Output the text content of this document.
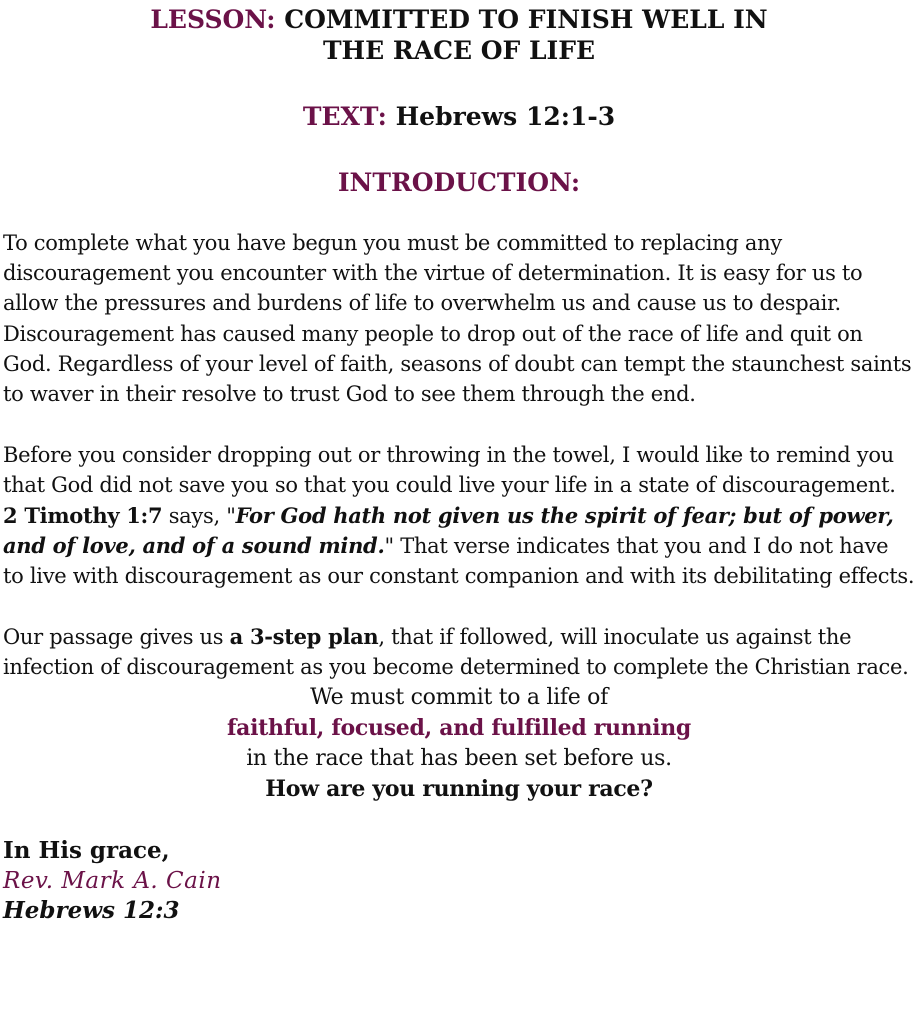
LESSON: COMMITTED TO FINISH WELL IN
THE RACE OF LIFE
TEXT: Hebrews 12:1-3
INTRODUCTION:

To complete what you have begun you must be committed to replacing any discouragement you encounter with the virtue of determination. It is easy for us to allow the pressures and burdens of life to overwhelm us and cause us to despair. Discouragement has caused many people to drop out of the race of life and quit on God. Regardless of your level of faith, seasons of doubt can tempt the staunchest saints to waver in their resolve to trust God to see them through the end.

Before you consider dropping out or throwing in the towel, I would like to remind you that God did not save you so that you could live your life in a state of discouragement. 2 Timothy 1:7 says, "For God hath not given us the spirit of fear; but of power, and of love, and of a sound mind." That verse indicates that you and I do not have to live with discouragement as our constant companion and with its debilitating effects.

Our passage gives us a 3-step plan, that if followed, will inoculate us against the infection of discouragement as you become determined to complete the Christian race.

We must commit to a life of

faithful, focused, and fulfilled running

in the race that has been set before us.

How are you running your race?

In His grace,

Rev. Mark A. Cain

Hebrews 12:3
